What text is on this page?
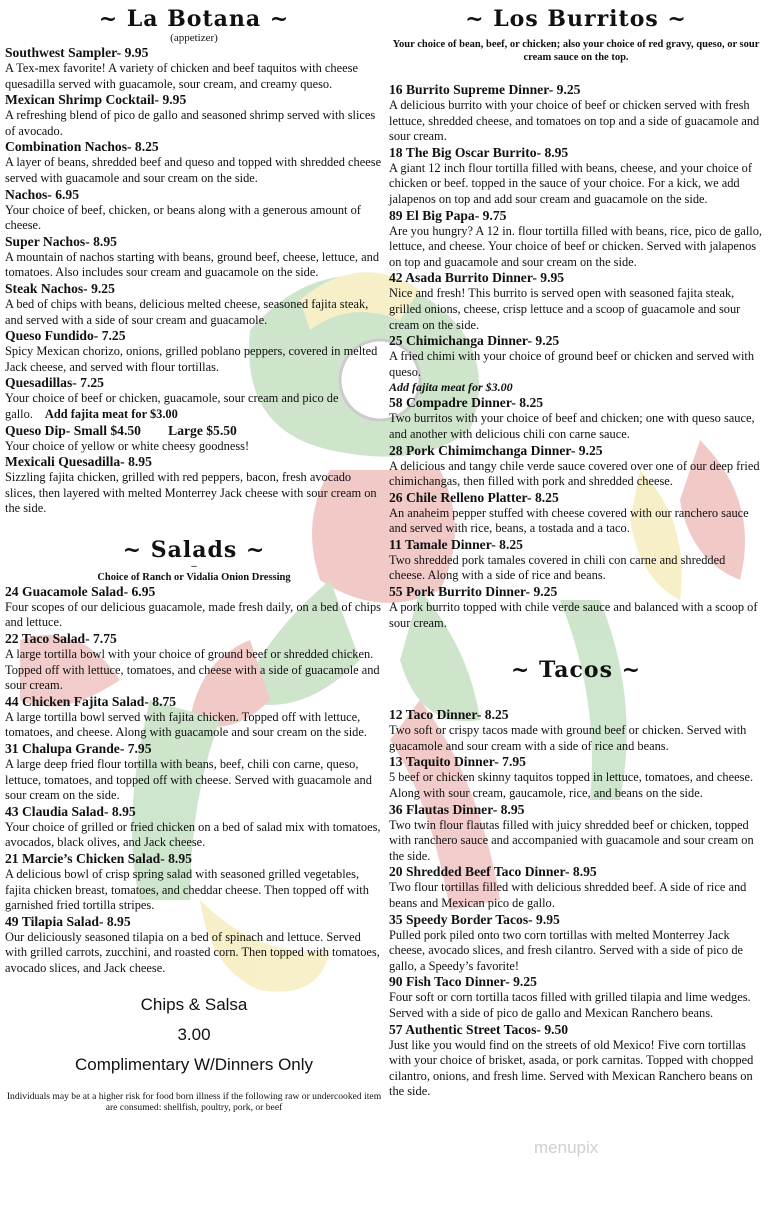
~ La Botana ~

(appetizer)

Southwest Sampler- 9.95

A Tex-mex favorite! A variety of chicken and beef taquitos with cheese quesadilla served with guacamole, sour cream, and creamy queso.

Mexican Shrimp Cocktail- 9.95

A refreshing blend of pico de gallo and seasoned shrimp served with slices of avocado.

Combination Nachos- 8.25

A layer of beans, shredded beef and queso and topped with shredded cheese served with guacamole and sour cream on the side.

Nachos- 6.95

Your choice of beef, chicken, or beans along with a generous amount of cheese.

Super Nachos- 8.95

A mountain of nachos starting with beans, ground beef, cheese, lettuce, and tomatoes. Also includes sour cream and guacamole on the side.

Steak Nachos- 9.25

A bed of chips with beans, delicious melted cheese, seasoned fajita steak, and served with a side of sour cream and guacamole.

Queso Fundido- 7.25

Spicy Mexican chorizo, onions, grilled poblano peppers, covered in melted Jack cheese, and served with flour tortillas.

Quesadillas- 7.25

Your choice of beef or chicken, guacamole, sour cream and pico de gallo. Add fajita meat for $3.00

Queso Dip- Small $4.50        Large $5.50

Your choice of yellow or white cheesy goodness!

Mexicali Quesadilla- 8.95

Sizzling fajita chicken, grilled with red peppers, bacon, fresh avocado slices, then layered with melted Monterrey Jack cheese with sour cream on the side.

~ Salads ~

–

Choice of Ranch or Vidalia Onion Dressing

24 Guacamole Salad- 6.95

Four scopes of our delicious guacamole, made fresh daily, on a bed of chips and lettuce.

22 Taco Salad- 7.75

A large tortilla bowl with your choice of ground beef or shredded chicken. Topped off with lettuce, tomatoes, and cheese with a side of guacamole and sour cream.

44 Chicken Fajita Salad- 8.75

A large tortilla bowl served with fajita chicken. Topped off with lettuce, tomatoes, and cheese. Along with guacamole and sour cream on the side.

31 Chalupa Grande- 7.95

A large deep fried flour tortilla with beans, beef, chili con carne, queso, lettuce, tomatoes, and topped off with cheese. Served with guacamole and sour cream on the side.

43 Claudia Salad- 8.95

Your choice of grilled or fried chicken on a bed of salad mix with tomatoes, avocados, black olives, and Jack cheese.

21 Marcie’s Chicken Salad- 8.95

A delicious bowl of crisp spring salad with seasoned grilled vegetables, fajita chicken breast, tomatoes, and cheddar cheese. Then topped off with garnished fried tortilla stripes.

49 Tilapia Salad- 8.95

Our deliciously seasoned tilapia on a bed of spinach and lettuce. Served with grilled carrots, zucchini, and roasted corn. Then topped with tomatoes, avocado slices, and Jack cheese.

Chips & Salsa

3.00

Complimentary W/Dinners Only

Individuals may be at a higher risk for food born illness if the following raw or undercooked item are consumed: shellfish, poultry, pork, or beef

~ Los Burritos ~

Your choice of bean, beef, or chicken; also your choice of red gravy, queso, or sour cream sauce on the top.

16 Burrito Supreme Dinner- 9.25

A delicious burrito with your choice of beef or chicken served with fresh lettuce, shredded cheese, and tomatoes on top and a side of guacamole and sour cream.

18 The Big Oscar Burrito- 8.95

A giant 12 inch flour tortilla filled with beans, cheese, and your choice of chicken or beef. topped in the sauce of your choice. For a kick, we add jalapenos on top and add sour cream and guacamole on the side.

89 El Big Papa- 9.75

Are you hungry? A 12 in. flour tortilla filled with beans, rice, pico de gallo, lettuce, and cheese. Your choice of beef or chicken. Served with jalapenos on top and guacamole and sour cream on the side.

42 Asada Burrito Dinner- 9.95

Nice and fresh! This burrito is served open with seasoned fajita steak, grilled onions, cheese, crisp lettuce and a scoop of guacamole and sour cream on the side.

25 Chimichanga Dinner- 9.25

A fried chimi with your choice of ground beef or chicken and served with queso.

Add fajita meat for $3.00

58 Compadre Dinner- 8.25

Two burritos with your choice of beef and chicken; one with queso sauce, and another with delicious chili con carne sauce.

28 Pork Chimimchanga Dinner- 9.25

A delicious and tangy chile verde sauce covered over one of our deep fried chimichangas, then filled with pork and shredded cheese.

26 Chile Relleno Platter- 8.25

An anaheim pepper stuffed with cheese covered with our ranchero sauce and served with rice, beans, a tostada and a taco.

11 Tamale Dinner- 8.25

Two shredded pork tamales covered in chili con carne and shredded cheese. Along with a side of rice and beans.

55 Pork Burrito Dinner- 9.25

A pork burrito topped with chile verde sauce and balanced with a scoop of sour cream.

~ Tacos ~

12 Taco Dinner- 8.25

Two soft or crispy tacos made with ground beef or chicken. Served with guacamole and sour cream with a side of rice and beans.

13 Taquito Dinner- 7.95

5 beef or chicken skinny taquitos topped in lettuce, tomatoes, and cheese. Along with sour cream, gaucamole, rice, and beans on the side.

36 Flautas Dinner- 8.95

Two twin flour flautas filled with juicy shredded beef or chicken, topped with ranchero sauce and accompanied with guacamole and sour cream on the side.

20 Shredded Beef Taco Dinner- 8.95

Two flour tortillas filled with delicious shredded beef. A side of rice and beans and Mexican pico de gallo.

35 Speedy Border Tacos- 9.95

Pulled pork piled onto two corn tortillas with melted Monterrey Jack cheese, avocado slices, and fresh cilantro. Served with a side of pico de gallo, a Speedy’s favorite!

90 Fish Taco Dinner- 9.25

Four soft or corn tortilla tacos filled with grilled tilapia and lime wedges. Served with a side of pico de gallo and Mexican Ranchero beans.

57 Authentic Street Tacos- 9.50

Just like you would find on the streets of old Mexico! Five corn tortillas with your choice of brisket, asada, or pork carnitas. Topped with chopped cilantro, onions, and fresh lime. Served with Mexican Ranchero beans on the side.

menupix
